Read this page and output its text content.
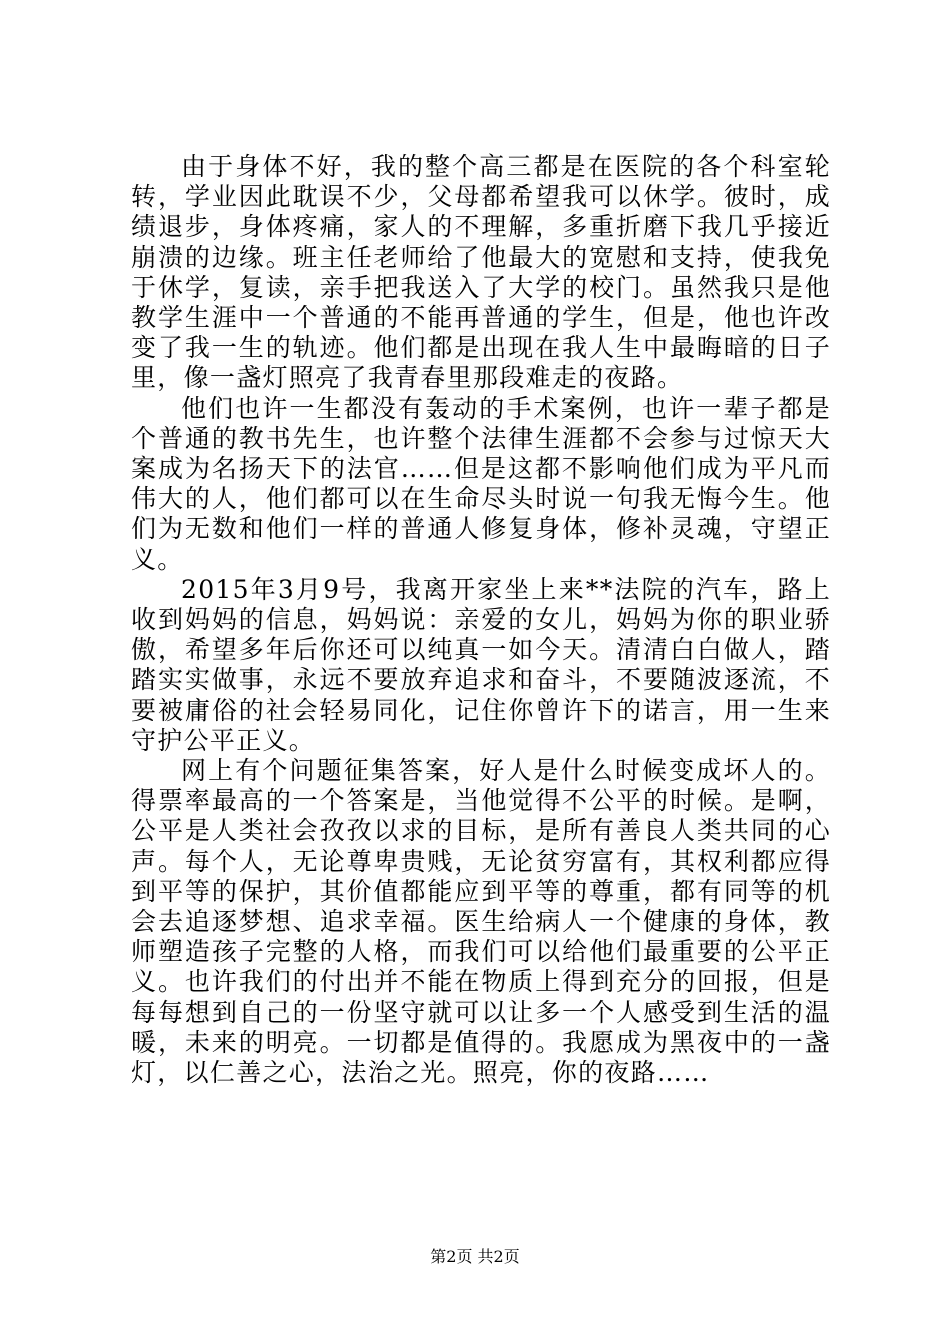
由于身体不好，我的整个高三都是在医院的各个科室轮转，学业因此耽误不少，父母都希望我可以休学。彼时，成绩退步，身体疼痛，家人的不理解，多重折磨下我几乎接近崩溃的边缘。班主任老师给了他最大的宽慰和支持，使我免于休学，复读，亲手把我送入了大学的校门。虽然我只是他教学生涯中一个普通的不能再普通的学生，但是，他也许改变了我一生的轨迹。他们都是出现在我人生中最晦暗的日子里，像一盏灯照亮了我青春里那段难走的夜路。

他们也许一生都没有轰动的手术案例，也许一辈子都是个普通的教书先生，也许整个法律生涯都不会参与过惊天大案成为名扬天下的法官……但是这都不影响他们成为平凡而伟大的人，他们都可以在生命尽头时说一句我无悔今生。他们为无数和他们一样的普通人修复身体，修补灵魂，守望正义。

2015年3月9号，我离开家坐上来**法院的汽车，路上收到妈妈的信息，妈妈说：亲爱的女儿，妈妈为你的职业骄傲，希望多年后你还可以纯真一如今天。清清白白做人，踏踏实实做事，永远不要放弃追求和奋斗，不要随波逐流，不要被庸俗的社会轻易同化，记住你曾许下的诺言，用一生来守护公平正义。

网上有个问题征集答案，好人是什么时候变成坏人的。得票率最高的一个答案是，当他觉得不公平的时候。是啊，公平是人类社会孜孜以求的目标，是所有善良人类共同的心声。每个人，无论尊卑贵贱，无论贫穷富有，其权利都应得到平等的保护，其价值都能应到平等的尊重，都有同等的机会去追逐梦想、追求幸福。医生给病人一个健康的身体，教师塑造孩子完整的人格，而我们可以给他们最重要的公平正义。也许我们的付出并不能在物质上得到充分的回报，但是每每想到自己的一份坚守就可以让多一个人感受到生活的温暖，未来的明亮。一切都是值得的。我愿成为黑夜中的一盏灯，以仁善之心，法治之光。照亮，你的夜路……

第2页 共2页
